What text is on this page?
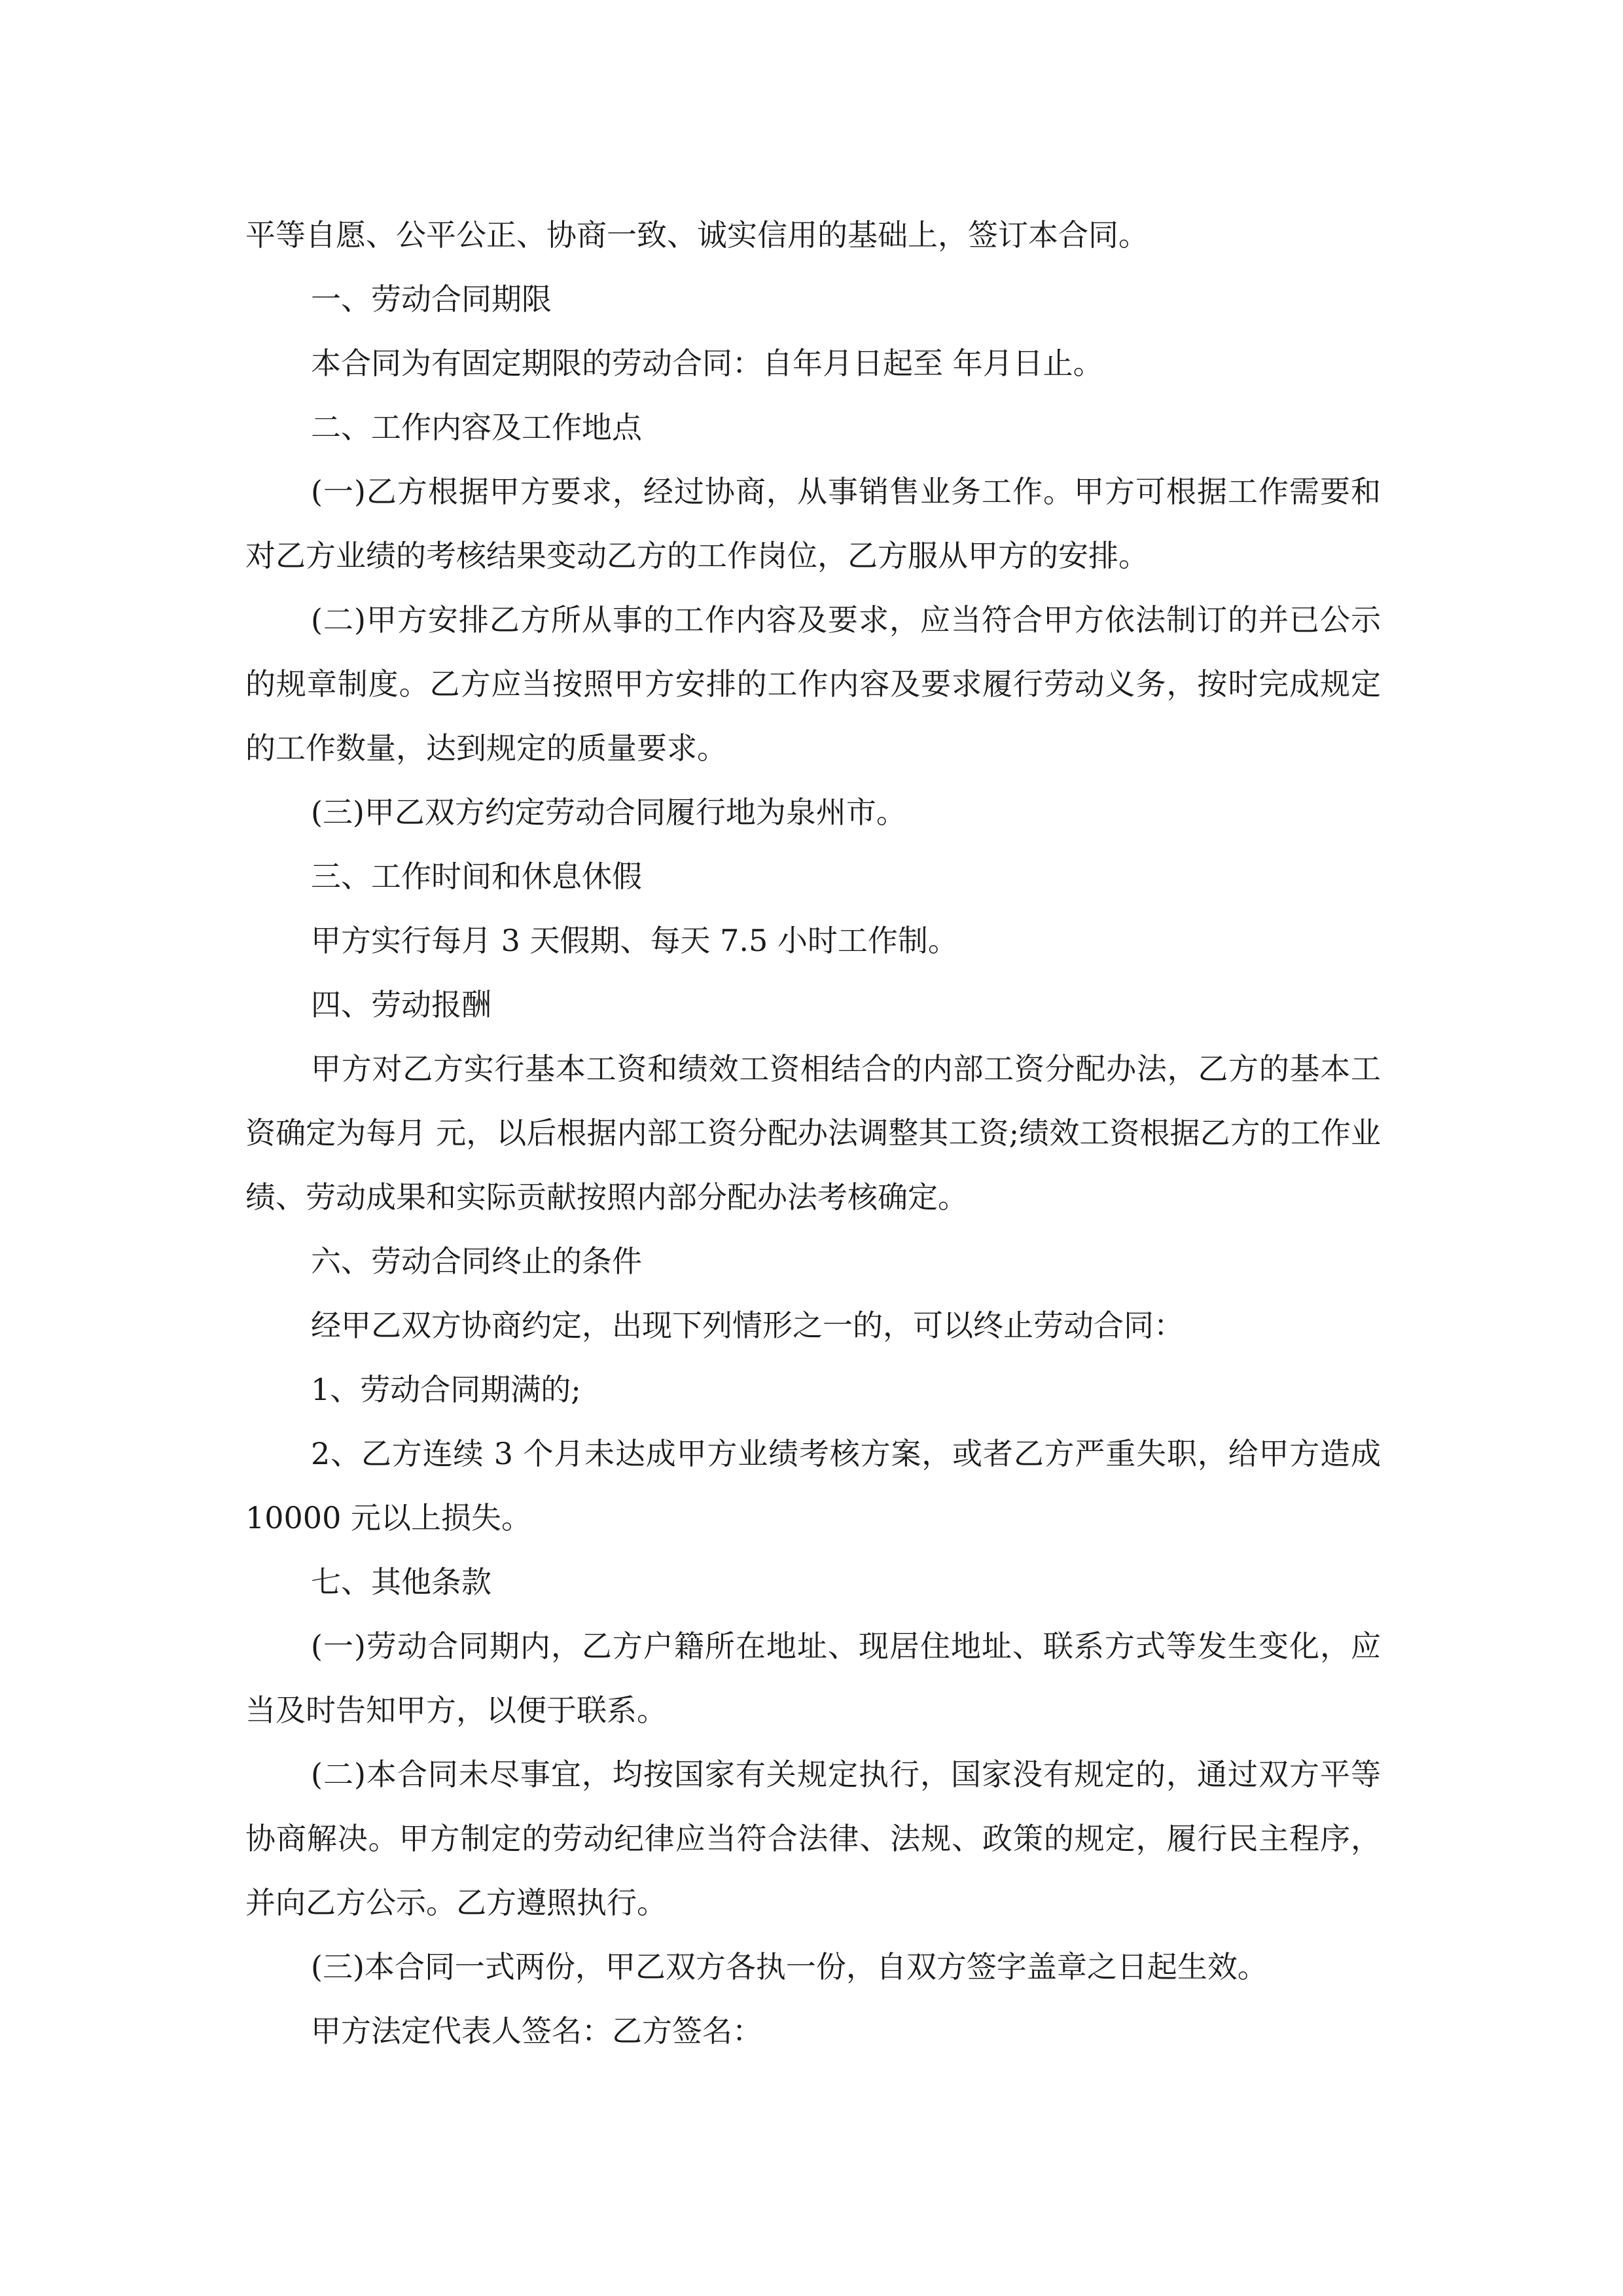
平等自愿、公平公正、协商一致、诚实信用的基础上，签订本合同。

一、劳动合同期限

本合同为有固定期限的劳动合同：自年月日起至 年月日止。

二、工作内容及工作地点

(一)乙方根据甲方要求，经过协商，从事销售业务工作。甲方可根据工作需要和对乙方业绩的考核结果变动乙方的工作岗位，乙方服从甲方的安排。

(二)甲方安排乙方所从事的工作内容及要求，应当符合甲方依法制订的并已公示的规章制度。乙方应当按照甲方安排的工作内容及要求履行劳动义务，按时完成规定的工作数量，达到规定的质量要求。

(三)甲乙双方约定劳动合同履行地为泉州市。

三、工作时间和休息休假

甲方实行每月 3 天假期、每天 7.5 小时工作制。

四、劳动报酬

甲方对乙方实行基本工资和绩效工资相结合的内部工资分配办法，乙方的基本工资确定为每月 元，以后根据内部工资分配办法调整其工资;绩效工资根据乙方的工作业绩、劳动成果和实际贡献按照内部分配办法考核确定。

六、劳动合同终止的条件

经甲乙双方协商约定，出现下列情形之一的，可以终止劳动合同：

1、劳动合同期满的;

2、乙方连续 3 个月未达成甲方业绩考核方案，或者乙方严重失职，给甲方造成 10000 元以上损失。

七、其他条款

(一)劳动合同期内，乙方户籍所在地址、现居住地址、联系方式等发生变化，应当及时告知甲方，以便于联系。

(二)本合同未尽事宜，均按国家有关规定执行，国家没有规定的，通过双方平等协商解决。甲方制定的劳动纪律应当符合法律、法规、政策的规定，履行民主程序，并向乙方公示。乙方遵照执行。

(三)本合同一式两份，甲乙双方各执一份，自双方签字盖章之日起生效。

甲方法定代表人签名：乙方签名：
